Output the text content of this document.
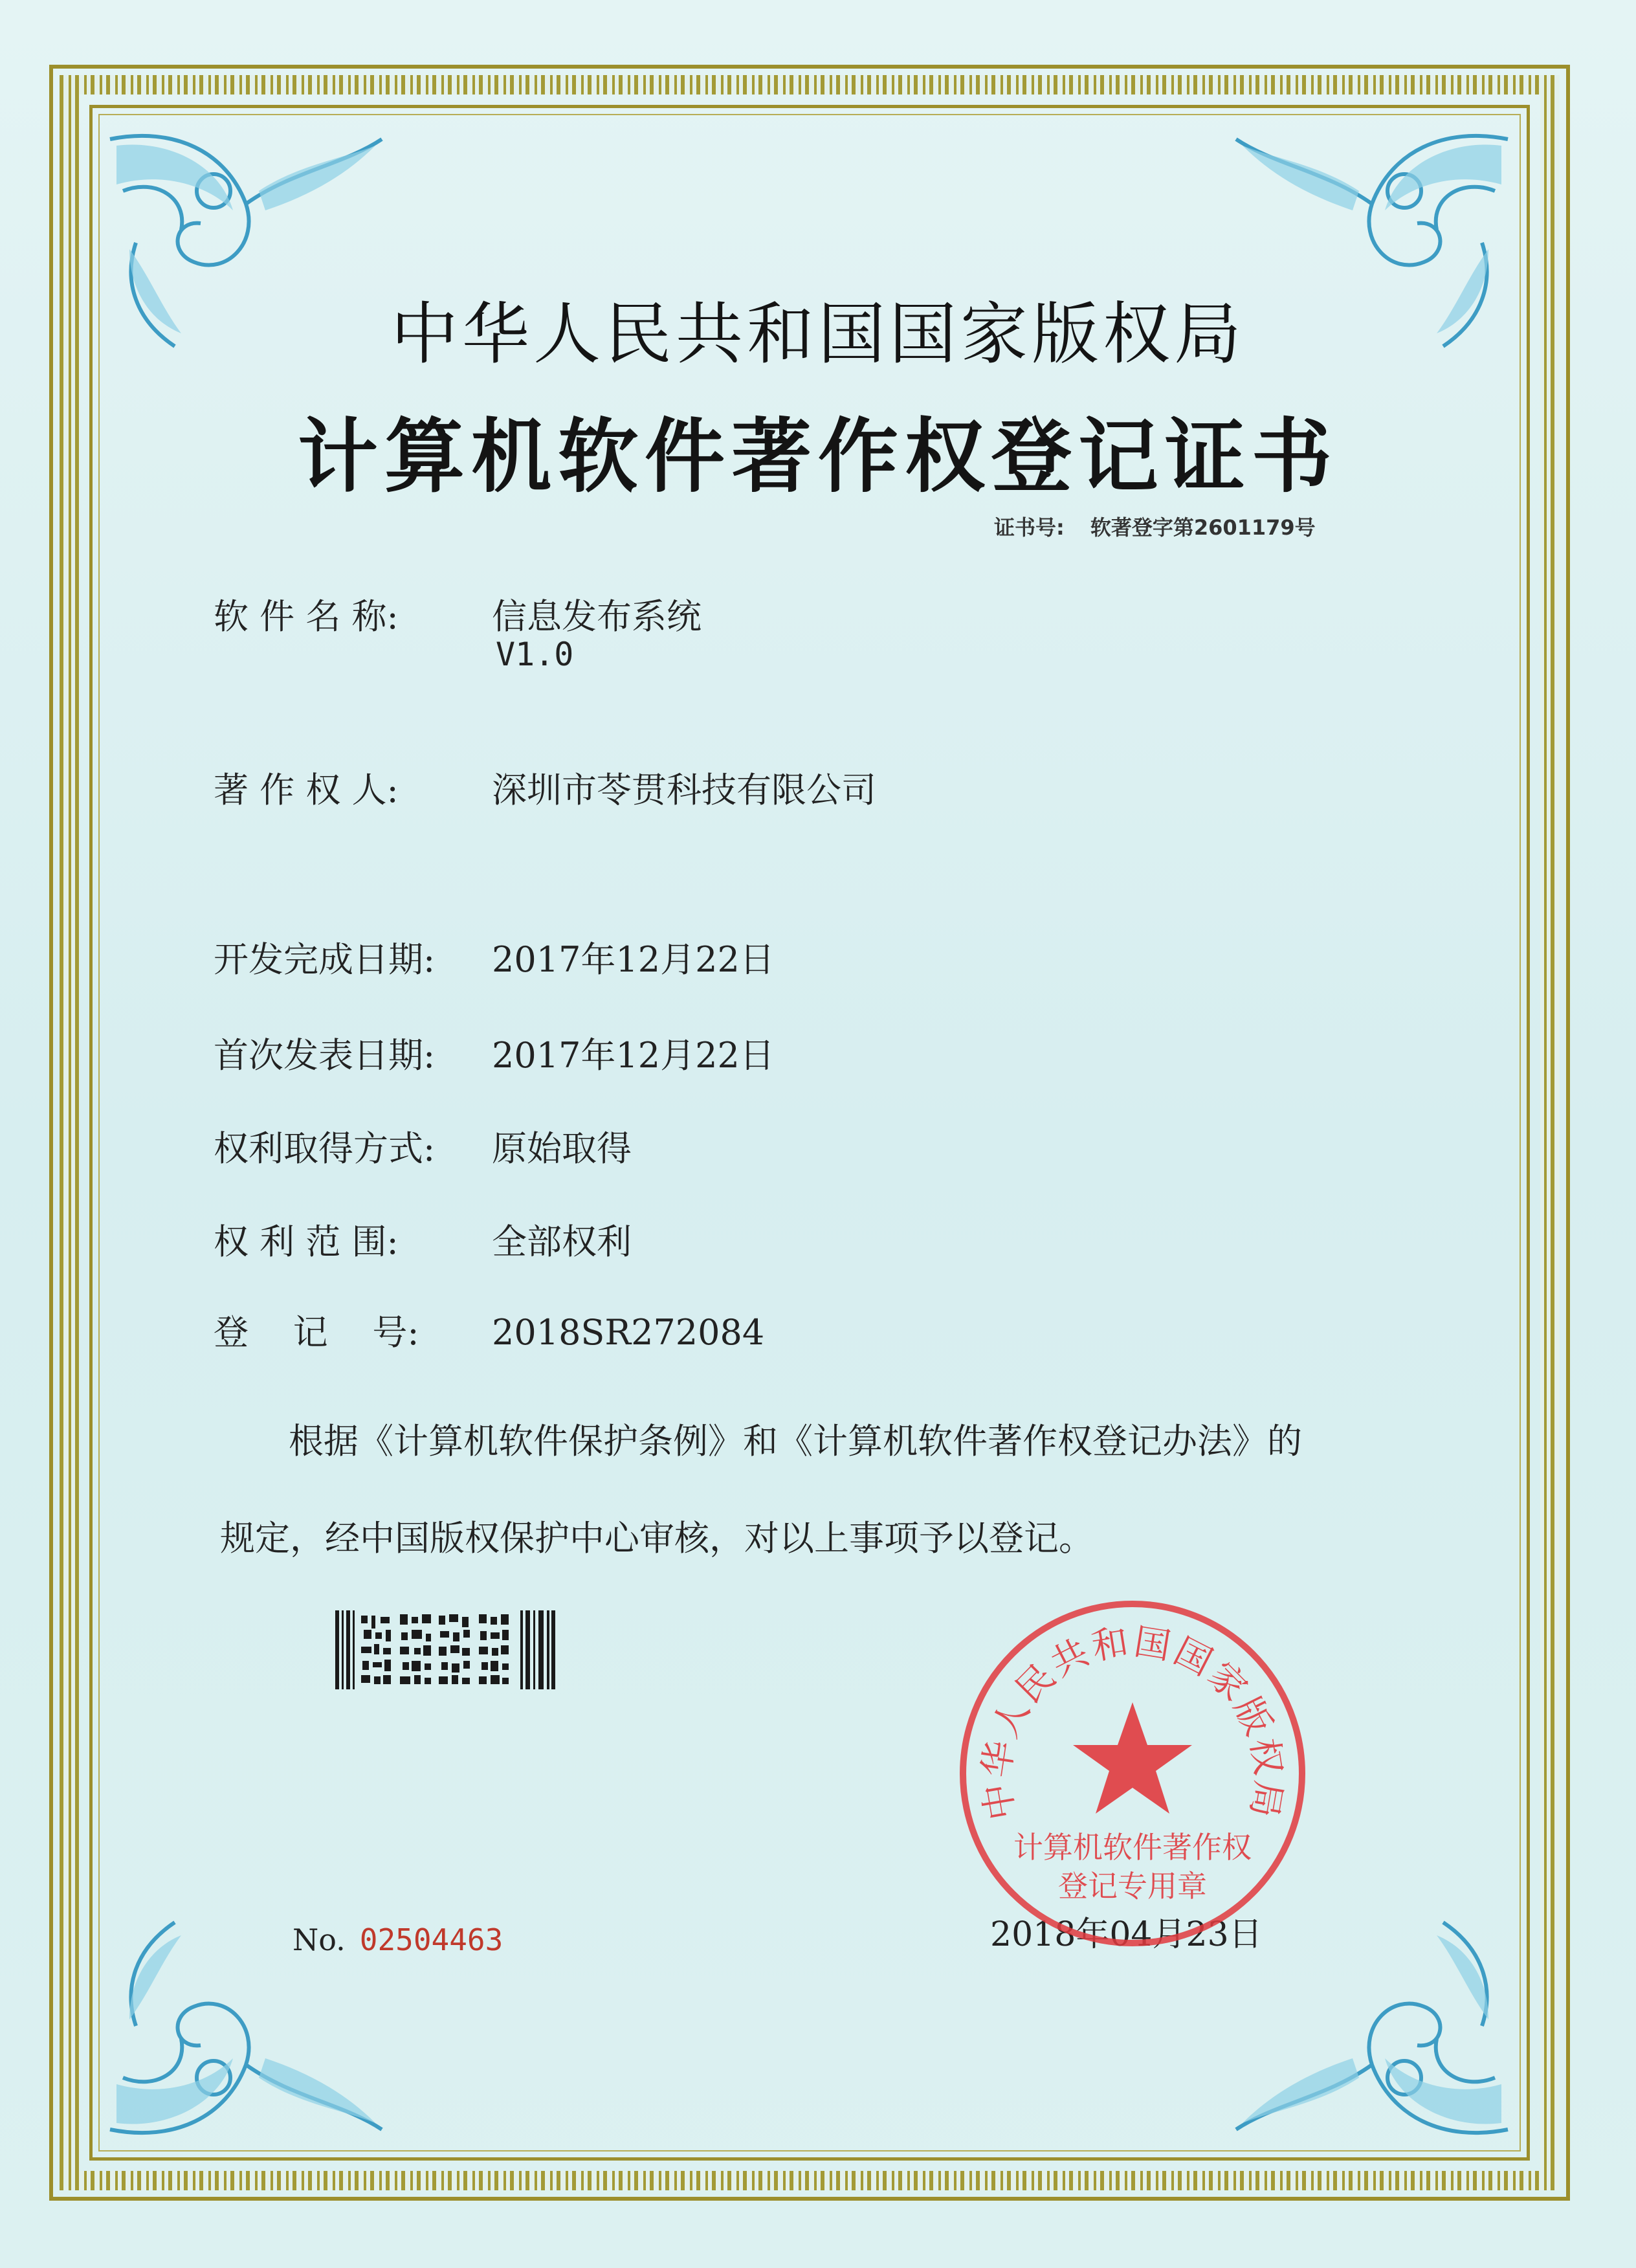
中华人民共和国国家版权局
计算机软件著作权登记证书
证书号: 软著登字第2601179号
软 件 名 称:	信息发布系统
V1.0
著 作 权 人:	深圳市苓贯科技有限公司
开发完成日期: 2017年12月22日
首次发表日期: 2017年12月22日
权利取得方式: 原始取得
权 利 范 围:	全部权利
登    记    号: 2018SR272084
根据《计算机软件保护条例》和《计算机软件著作权登记办法》的
规定，经中国版权保护中心审核，对以上事项予以登记。
No. 02504463	2018年04月23日
中华人民共和国国家版权局
计算机软件著作权
登记专用章
